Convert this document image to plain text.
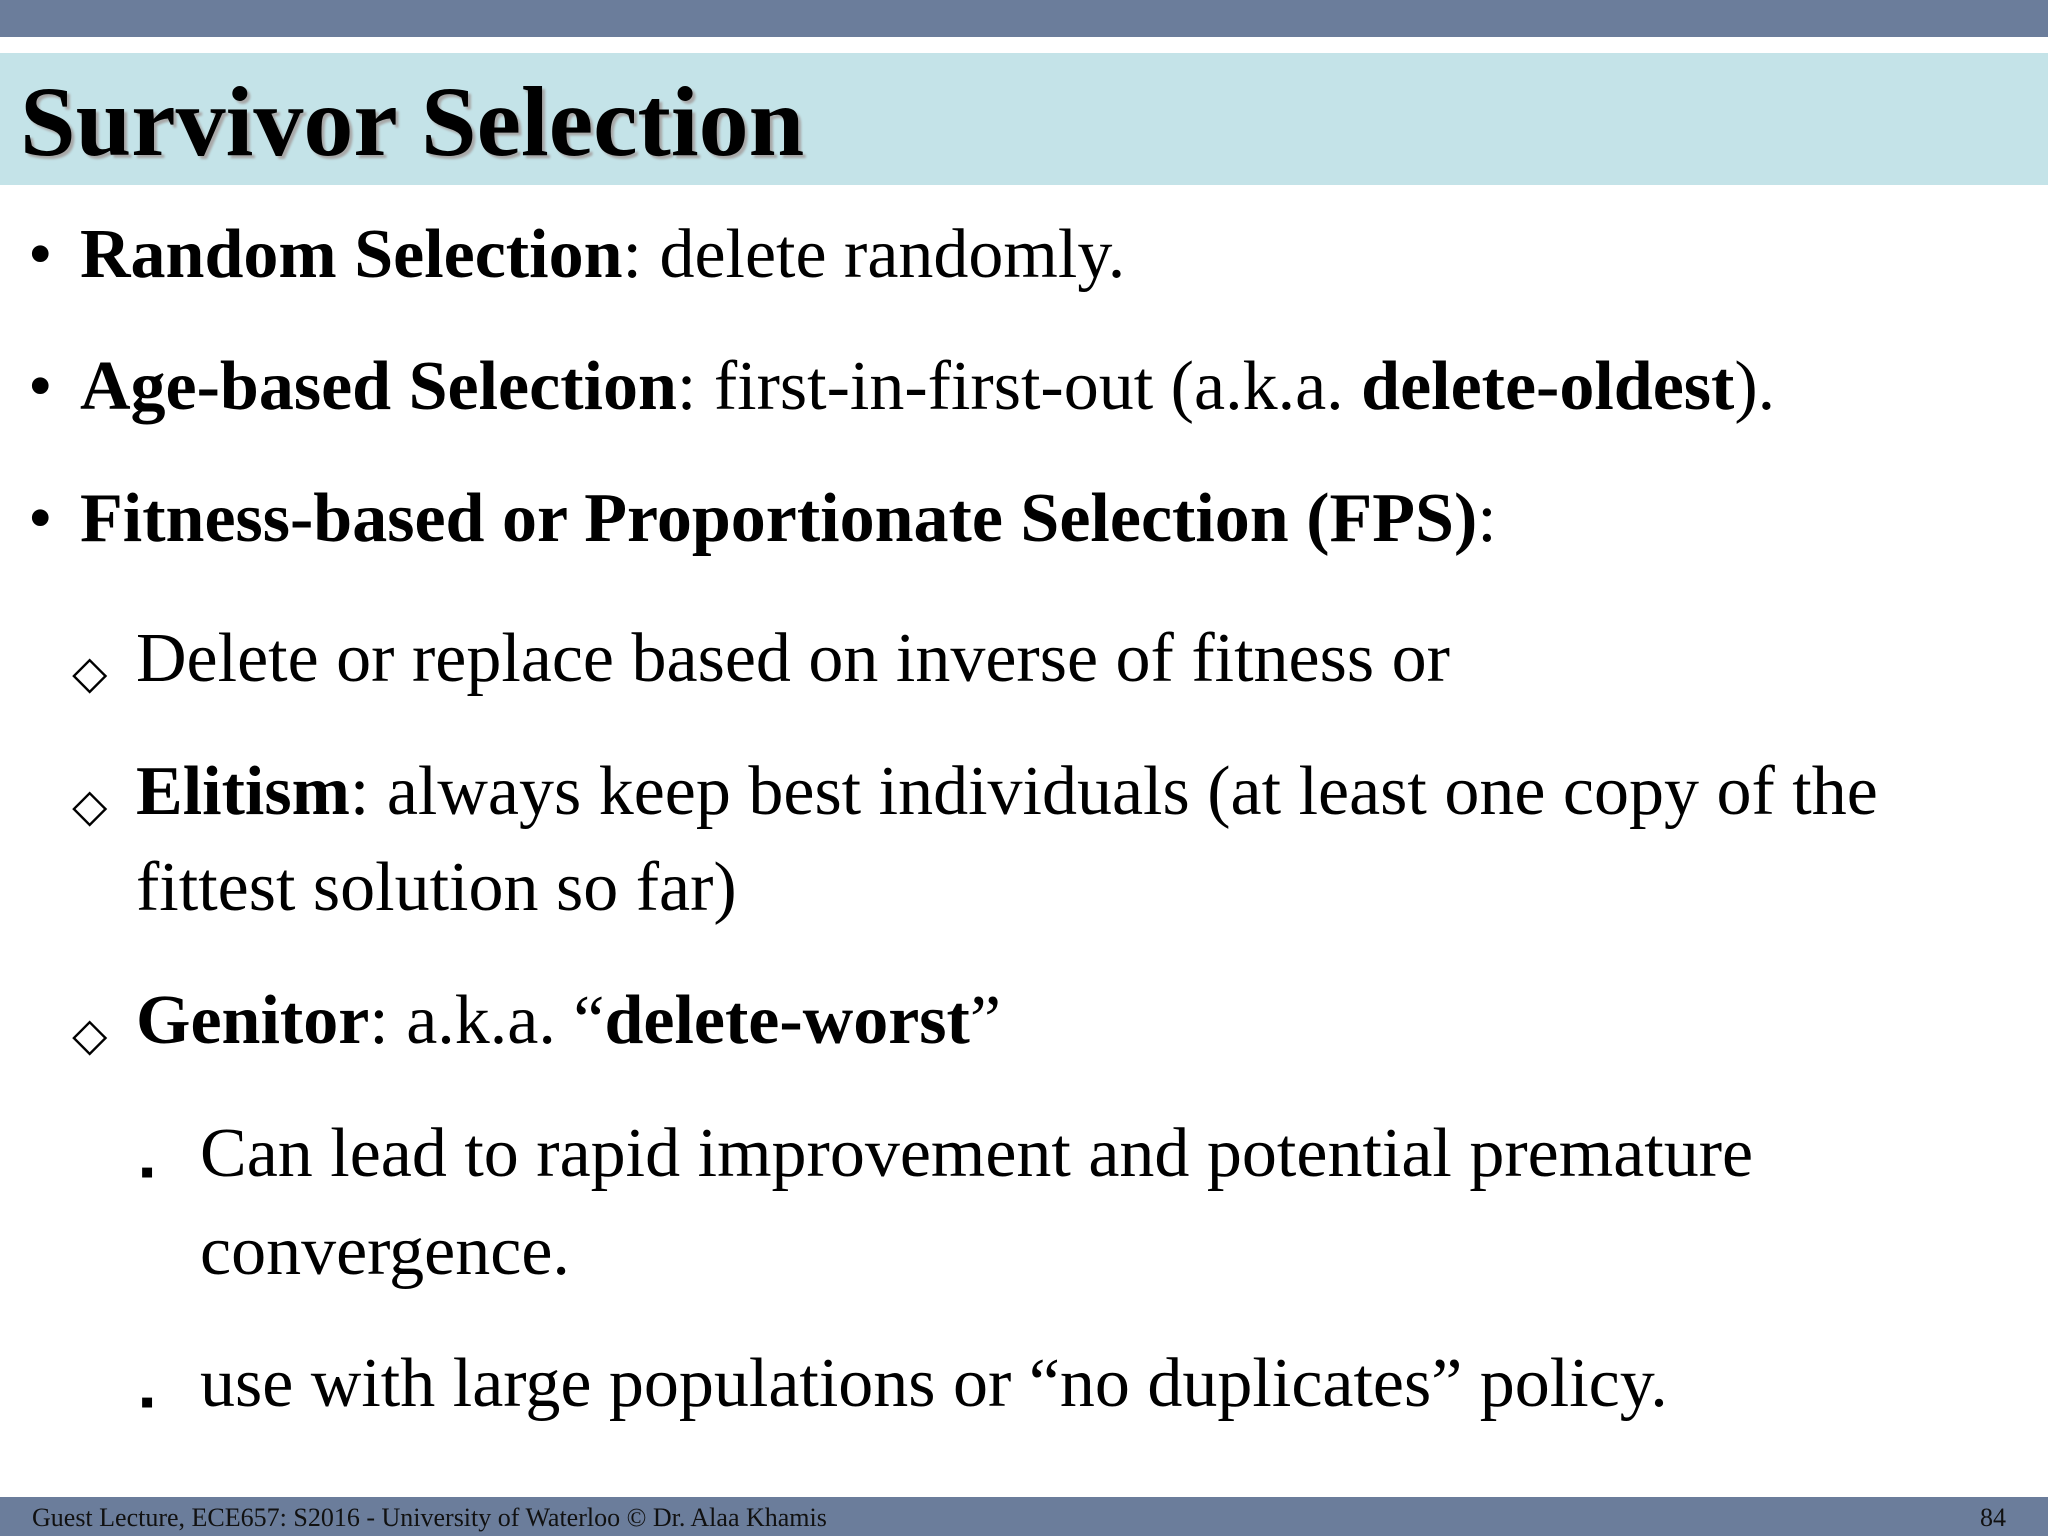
Survivor Selection
• Random Selection: delete randomly.
• Age-based Selection: first-in-first-out (a.k.a. delete-oldest).
• Fitness-based or Proportionate Selection (FPS):
◇ Delete or replace based on inverse of fitness or
◇ Elitism: always keep best individuals (at least one copy of the
fittest solution so far)
◇ Genitor: a.k.a. “delete-worst”
▪ Can lead to rapid improvement and potential premature
convergence.
▪ use with large populations or “no duplicates” policy.
Guest Lecture, ECE657: S2016 - University of Waterloo © Dr. Alaa Khamis	84
